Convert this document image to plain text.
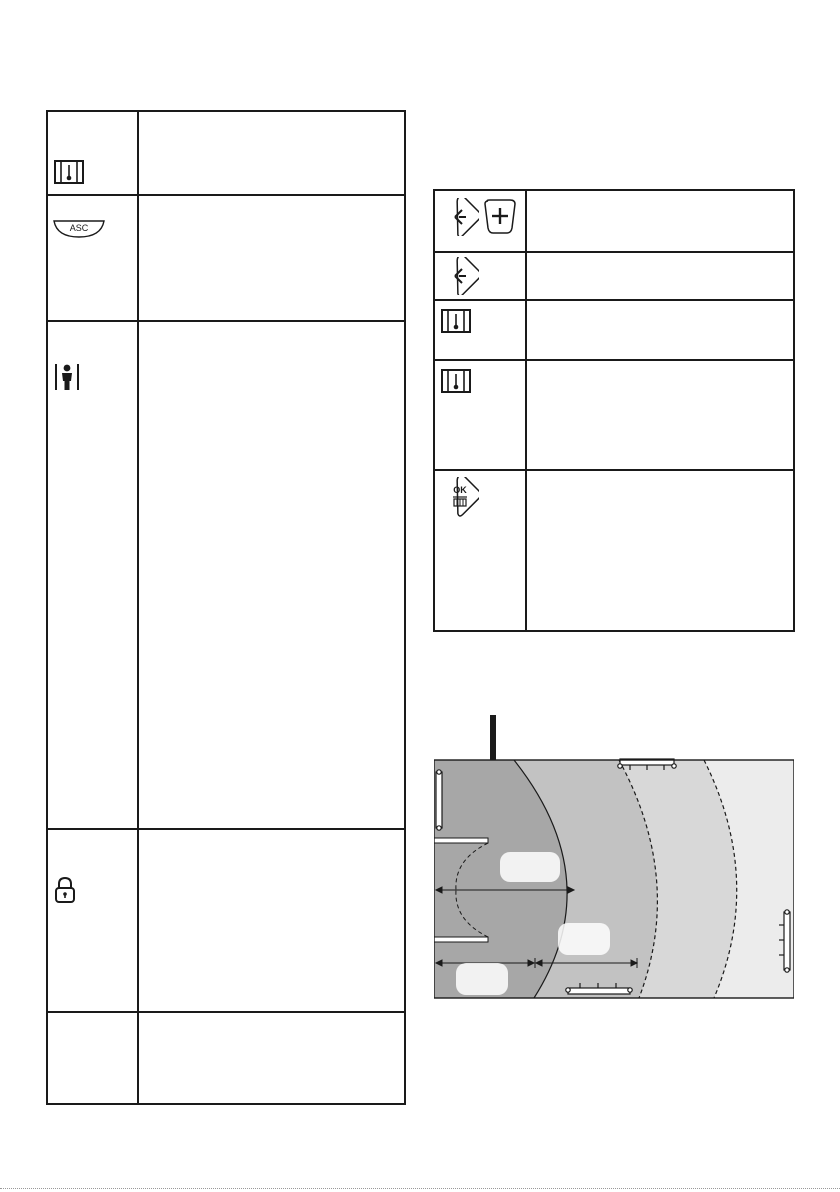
ASC
OK
